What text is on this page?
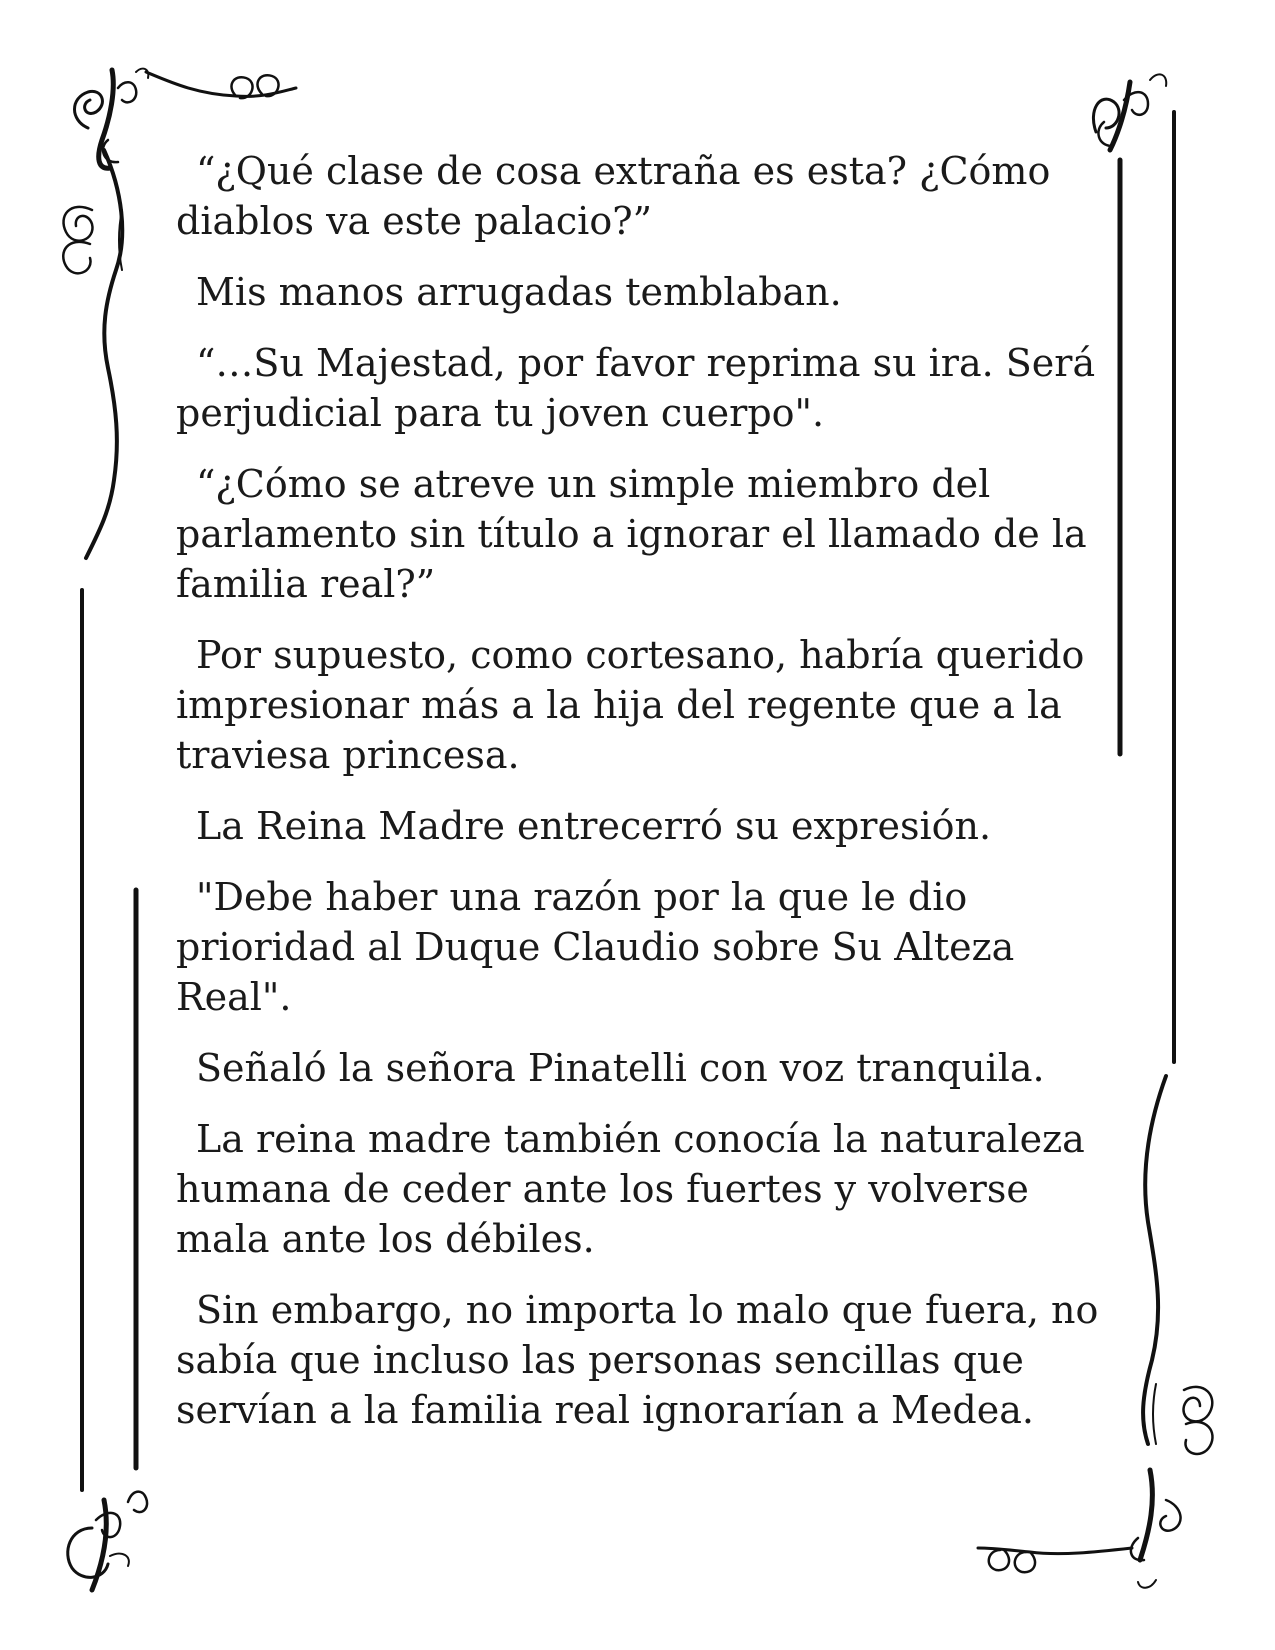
“¿Qué clase de cosa extraña es esta? ¿Cómo diablos va este palacio?”

Mis manos arrugadas temblaban.

“…Su Majestad, por favor reprima su ira. Será perjudicial para tu joven cuerpo".

“¿Cómo se atreve un simple miembro del parlamento sin título a ignorar el llamado de la familia real?”

Por supuesto, como cortesano, habría querido impresionar más a la hija del regente que a la traviesa princesa.

La Reina Madre entrecerró su expresión.

"Debe haber una razón por la que le dio prioridad al Duque Claudio sobre Su Alteza Real".

Señaló la señora Pinatelli con voz tranquila.

La reina madre también conocía la naturaleza humana de ceder ante los fuertes y volverse mala ante los débiles.

Sin embargo, no importa lo malo que fuera, no sabía que incluso las personas sencillas que servían a la familia real ignorarían a Medea.
